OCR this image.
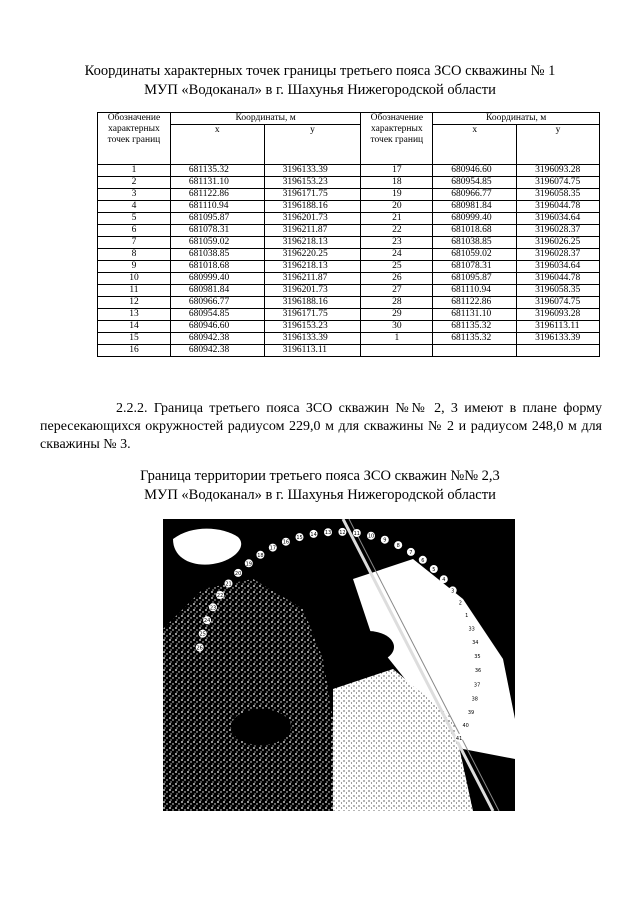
Координаты характерных точек границы третьего пояса ЗСО скважины № 1
МУП «Водоканал» в г. Шахунья Нижегородской области
Обозначение характерных точек границ	Координаты, м		Обозначение характерных точек границ	Координаты, м	
	x	y		x	y
1	681135.32	3196133.39	17	680946.60	3196093.28
2	681131.10	3196153.23	18	680954.85	3196074.75
3	681122.86	3196171.75	19	680966.77	3196058.35
4	681110.94	3196188.16	20	680981.84	3196044.78
5	681095.87	3196201.73	21	680999.40	3196034.64
6	681078.31	3196211.87	22	681018.68	3196028.37
7	681059.02	3196218.13	23	681038.85	3196026.25
8	681038.85	3196220.25	24	681059.02	3196028.37
9	681018.68	3196218.13	25	681078.31	3196034.64
10	680999.40	3196211.87	26	681095.87	3196044.78
11	680981.84	3196201.73	27	681110.94	3196058.35
12	680966.77	3196188.16	28	681122.86	3196074.75
13	680954.85	3196171.75	29	681131.10	3196093.28
14	680946.60	3196153.23	30	681135.32	3196113.11
15	680942.38	3196133.39	1	681135.32	3196133.39
16	680942.38	3196113.11			
2.2.2. Граница третьего пояса ЗСО скважин №№ 2, 3 имеют в плане форму пересекающихся окружностей радиусом 229,0 м для скважины № 2 и радиусом 248,0 м для скважины № 3.
Граница территории третьего пояса ЗСО скважин №№ 2,3
МУП «Водоканал» в г. Шахунья Нижегородской области
26
25
24
23
22
21
20
19
18
17
16
15
14 13 12 11 10
9
8
7
6
5
4
3
2
1
33
34
35
36
37
38
39
40
41
